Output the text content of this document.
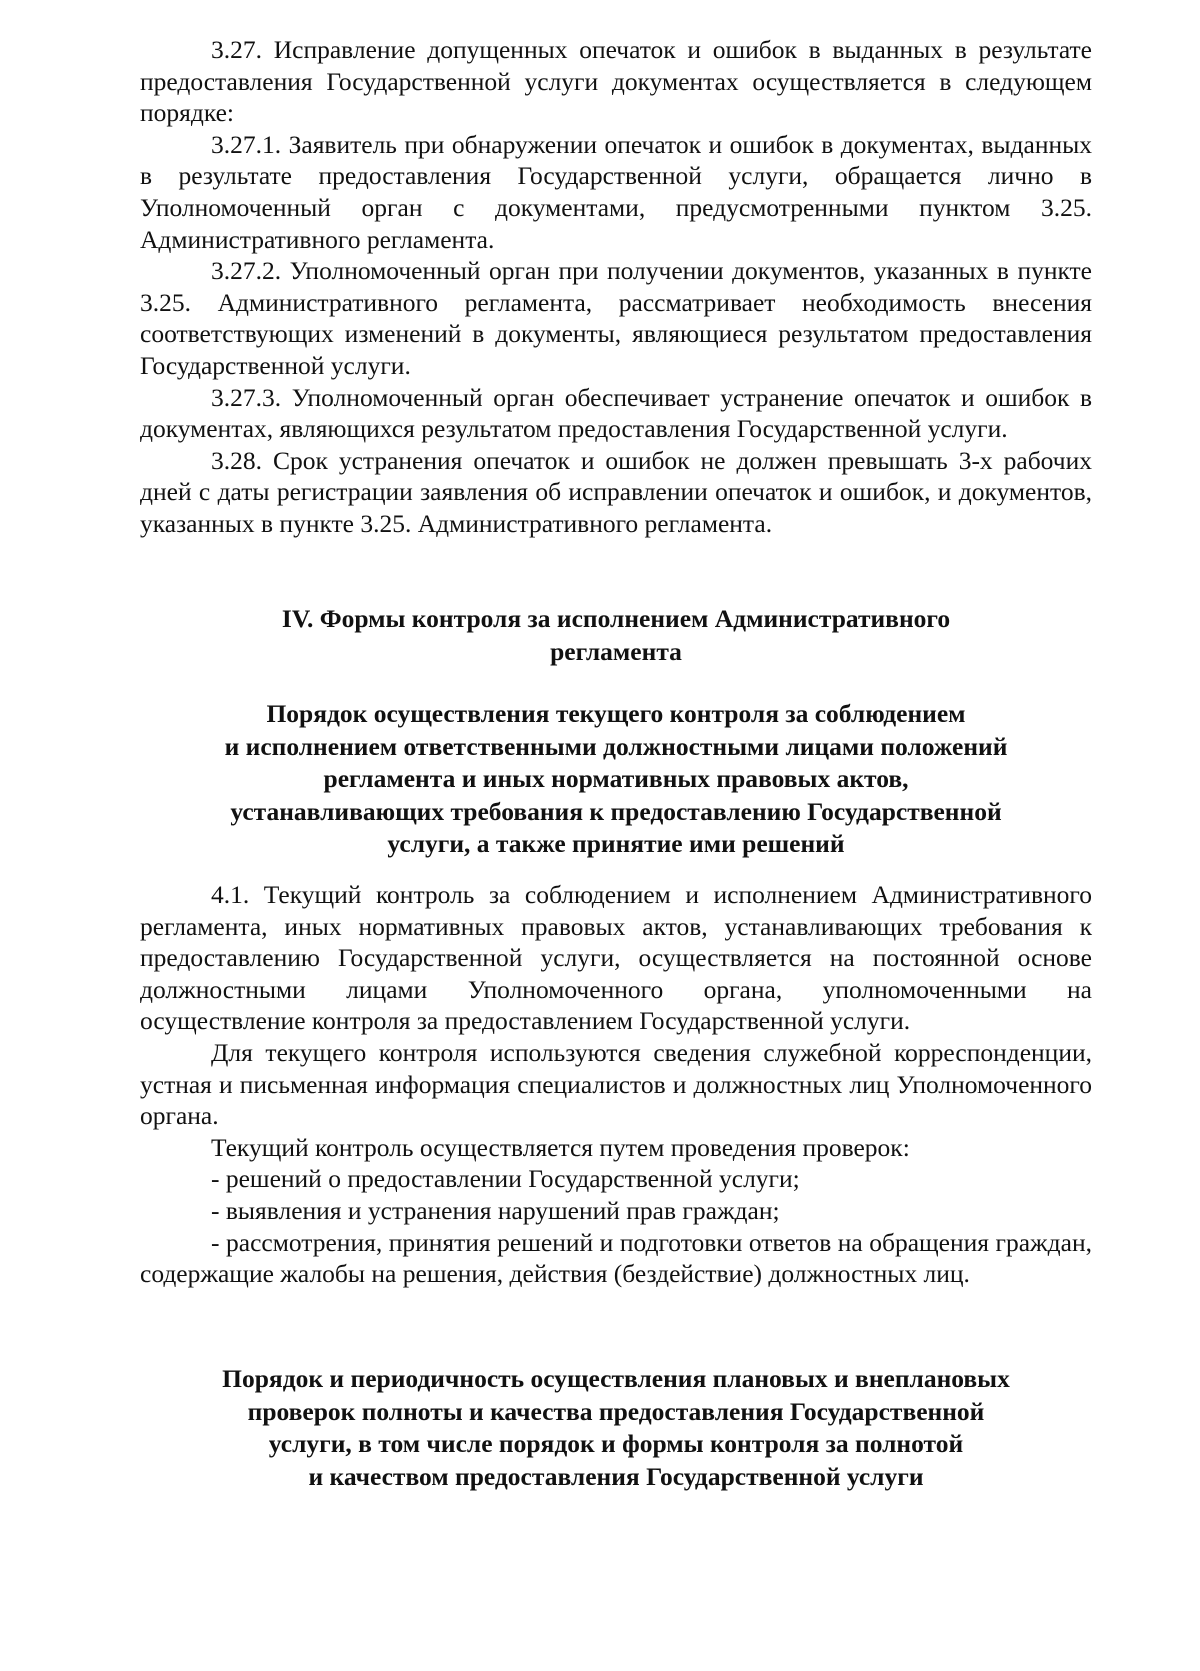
3.27. Исправление допущенных опечаток и ошибок в выданных в результате предоставления Государственной услуги документах осуществляется в следующем порядке:

3.27.1. Заявитель при обнаружении опечаток и ошибок в документах, выданных в результате предоставления Государственной услуги, обращается лично в Уполномоченный орган с документами, предусмотренными пунктом 3.25. Административного регламента.

3.27.2. Уполномоченный орган при получении документов, указанных в пункте 3.25. Административного регламента, рассматривает необходимость внесения соответствующих изменений в документы, являющиеся результатом предоставления Государственной услуги.

3.27.3. Уполномоченный орган обеспечивает устранение опечаток и ошибок в документах, являющихся результатом предоставления Государственной услуги.

3.28. Срок устранения опечаток и ошибок не должен превышать 3-х рабочих дней с даты регистрации заявления об исправлении опечаток и ошибок, и документов, указанных в пункте 3.25. Административного регламента.

IV. Формы контроля за исполнением Административного
регламента
Порядок осуществления текущего контроля за соблюдением
и исполнением ответственными должностными лицами положений
регламента и иных нормативных правовых актов,
устанавливающих требования к предоставлению Государственной
услуги, а также принятие ими решений

4.1. Текущий контроль за соблюдением и исполнением Административного регламента, иных нормативных правовых актов, устанавливающих требования к предоставлению Государственной услуги, осуществляется на постоянной основе должностными лицами Уполномоченного органа, уполномоченными на осуществление контроля за предоставлением Государственной услуги.

Для текущего контроля используются сведения служебной корреспонденции, устная и письменная информация специалистов и должностных лиц Уполномоченного органа.

Текущий контроль осуществляется путем проведения проверок:

- решений о предоставлении Государственной услуги;

- выявления и устранения нарушений прав граждан;

- рассмотрения, принятия решений и подготовки ответов на обращения граждан, содержащие жалобы на решения, действия (бездействие) должностных лиц.

Порядок и периодичность осуществления плановых и внеплановых
проверок полноты и качества предоставления Государственной
услуги, в том числе порядок и формы контроля за полнотой
и качеством предоставления Государственной услуги
